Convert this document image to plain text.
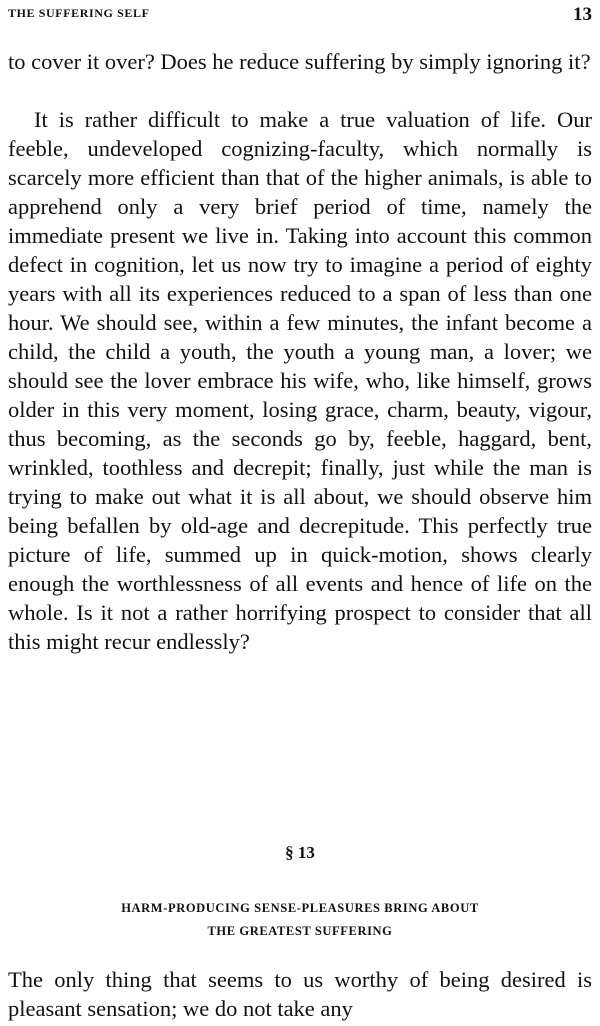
THE SUFFERING SELF	13

to cover it over? Does he reduce suffering by simply ignoring it?

It is rather difficult to make a true valuation of life. Our feeble, undeveloped cognizing-faculty, which normally is scarcely more efficient than that of the higher animals, is able to apprehend only a very brief period of time, namely the immediate present we live in. Taking into account this common defect in cognition, let us now try to imagine a period of eighty years with all its experiences reduced to a span of less than one hour. We should see, within a few minutes, the infant become a child, the child a youth, the youth a young man, a lover; we should see the lover embrace his wife, who, like himself, grows older in this very moment, losing grace, charm, beauty, vigour, thus becoming, as the seconds go by, feeble, haggard, bent, wrinkled, toothless and decrepit; finally, just while the man is trying to make out what it is all about, we should observe him being befallen by old-age and decrepitude. This perfectly true picture of life, summed up in quick-motion, shows clearly enough the worthlessness of all events and hence of life on the whole. Is it not a rather horrifying prospect to consider that all this might recur endlessly?

§ 13
HARM-PRODUCING SENSE-PLEASURES BRING ABOUT
THE GREATEST SUFFERING

The only thing that seems to us worthy of being desired is pleasant sensation; we do not take any
